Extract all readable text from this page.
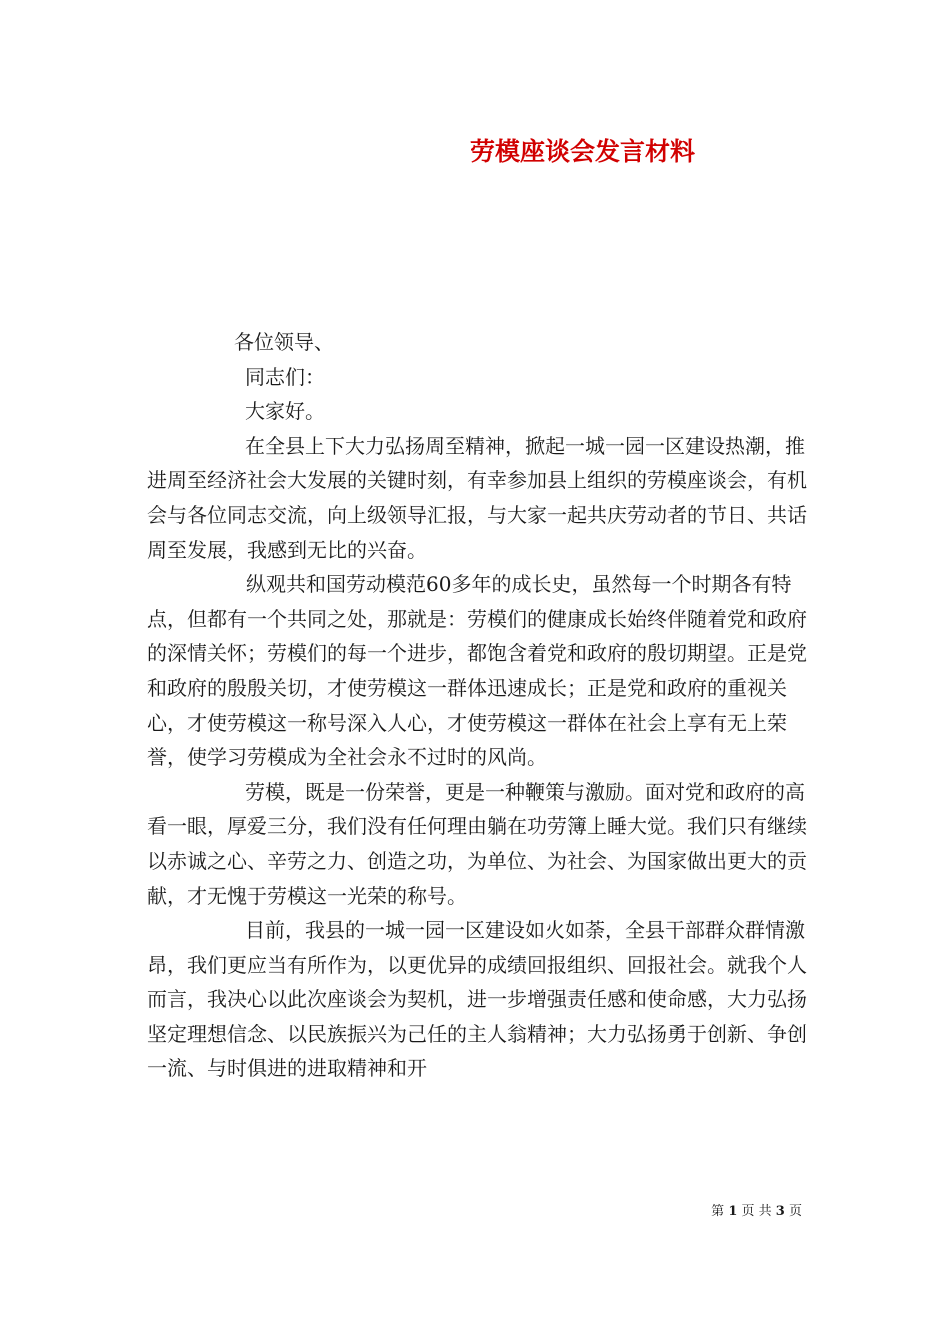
劳模座谈会发言材料

各位领导、

同志们：

大家好。

在全县上下大力弘扬周至精神，掀起一城一园一区建设热潮，推进周至经济社会大发展的关键时刻，有幸参加县上组织的劳模座谈会，有机会与各位同志交流，向上级领导汇报，与大家一起共庆劳动者的节日、共话周至发展，我感到无比的兴奋。

纵观共和国劳动模范60多年的成长史，虽然每一个时期各有特点，但都有一个共同之处，那就是：劳模们的健康成长始终伴随着党和政府的深情关怀；劳模们的每一个进步，都饱含着党和政府的殷切期望。正是党和政府的殷殷关切，才使劳模这一群体迅速成长；正是党和政府的重视关心，才使劳模这一称号深入人心，才使劳模这一群体在社会上享有无上荣誉，使学习劳模成为全社会永不过时的风尚。

劳模，既是一份荣誉，更是一种鞭策与激励。面对党和政府的高看一眼，厚爱三分，我们没有任何理由躺在功劳簿上睡大觉。我们只有继续以赤诚之心、辛劳之力、创造之功，为单位、为社会、为国家做出更大的贡献，才无愧于劳模这一光荣的称号。

目前，我县的一城一园一区建设如火如荼，全县干部群众群情激昂，我们更应当有所作为，以更优异的成绩回报组织、回报社会。就我个人而言，我决心以此次座谈会为契机，进一步增强责任感和使命感，大力弘扬坚定理想信念、以民族振兴为己任的主人翁精神；大力弘扬勇于创新、争创一流、与时俱进的进取精神和开

第 1 页 共 3 页
